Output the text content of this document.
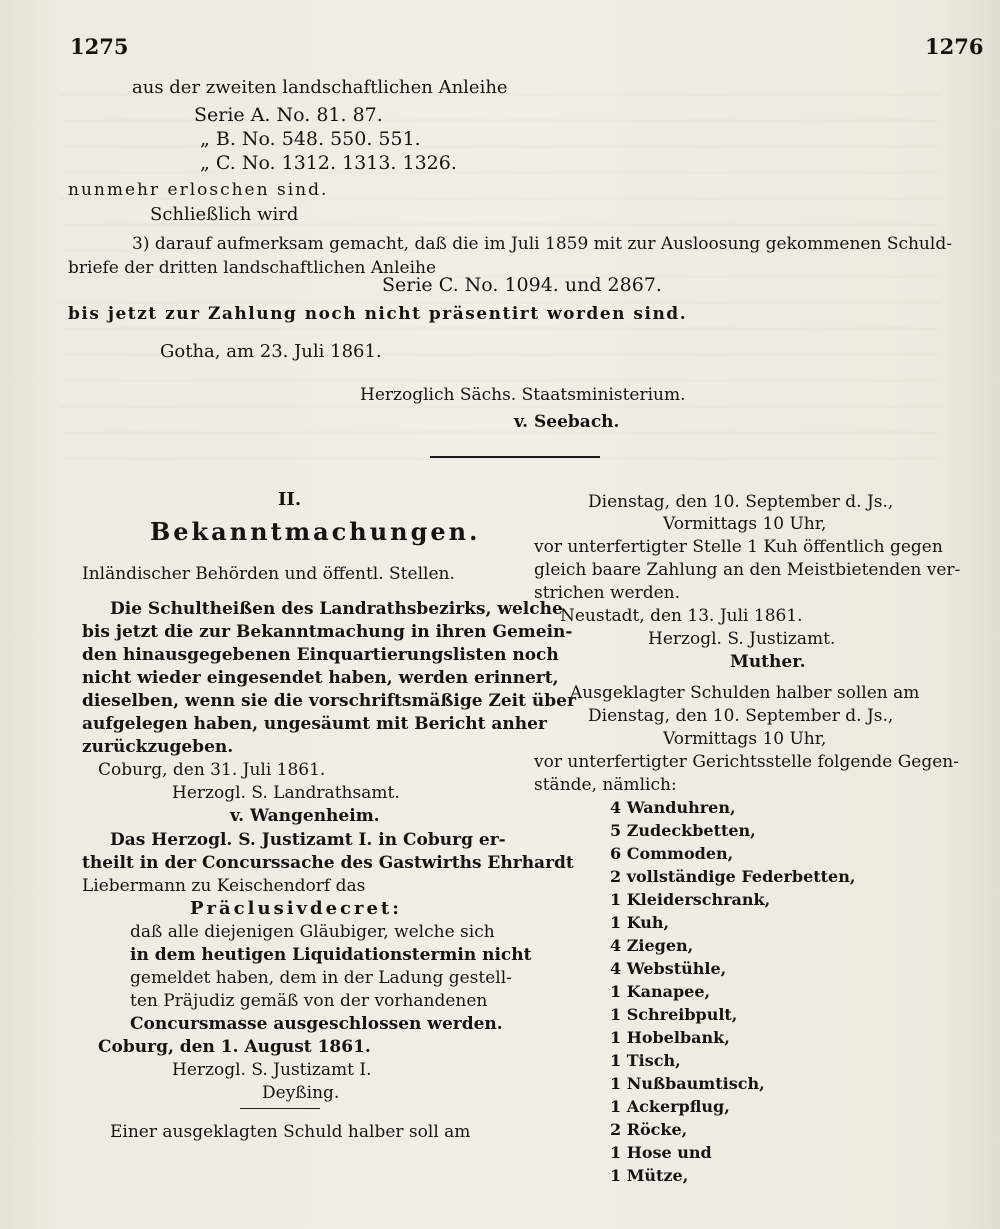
1275	1276
aus der zweiten landschaftlichen Anleihe
Serie A. No. 81. 87.
„ B. No. 548. 550. 551.
„ C. No. 1312. 1313. 1326.
nunmehr erloschen sind.
Schließlich wird
3) darauf aufmerksam gemacht, daß die im Juli 1859 mit zur Ausloosung gekommenen Schuld-
briefe der dritten landschaftlichen Anleihe
Serie C. No. 1094. und 2867.
bis jetzt zur Zahlung noch nicht präsentirt worden sind.
Gotha, am 23. Juli 1861.
Herzoglich Sächs. Staatsministerium.
v. Seebach.
II.
Bekanntmachungen.
Inländischer Behörden und öffentl. Stellen.
Die Schultheißen des Landrathsbezirks, welche
bis jetzt die zur Bekanntmachung in ihren Gemein-
den hinausgegebenen Einquartierungslisten noch
nicht wieder eingesendet haben, werden erinnert,
dieselben, wenn sie die vorschriftsmäßige Zeit über
aufgelegen haben, ungesäumt mit Bericht anher
zurückzugeben.
Coburg, den 31. Juli 1861.
Herzogl. S. Landrathsamt.
v. Wangenheim.
Das Herzogl. S. Justizamt I. in Coburg er-
theilt in der Concurssache des Gastwirths Ehrhardt
Liebermann zu Keischendorf das
Präclusivdecret:
daß alle diejenigen Gläubiger, welche sich
in dem heutigen Liquidationstermin nicht
gemeldet haben, dem in der Ladung gestell-
ten Präjudiz gemäß von der vorhandenen
Concursmasse ausgeschlossen werden.
Coburg, den 1. August 1861.
Herzogl. S. Justizamt I.
Deyßing.
Einer ausgeklagten Schuld halber soll am
Dienstag, den 10. September d. Js.,
Vormittags 10 Uhr,
vor unterfertigter Stelle 1 Kuh öffentlich gegen
gleich baare Zahlung an den Meistbietenden ver-
strichen werden.
Neustadt, den 13. Juli 1861.
Herzogl. S. Justizamt.
Muther.
Ausgeklagter Schulden halber sollen am
Dienstag, den 10. September d. Js.,
Vormittags 10 Uhr,
vor unterfertigter Gerichtsstelle folgende Gegen-
stände, nämlich:
4 Wanduhren,
5 Zudeckbetten,
6 Commoden,
2 vollständige Federbetten,
1 Kleiderschrank,
1 Kuh,
4 Ziegen,
4 Webstühle,
1 Kanapee,
1 Schreibpult,
1 Hobelbank,
1 Tisch,
1 Nußbaumtisch,
1 Ackerpflug,
2 Röcke,
1 Hose und
1 Mütze,
